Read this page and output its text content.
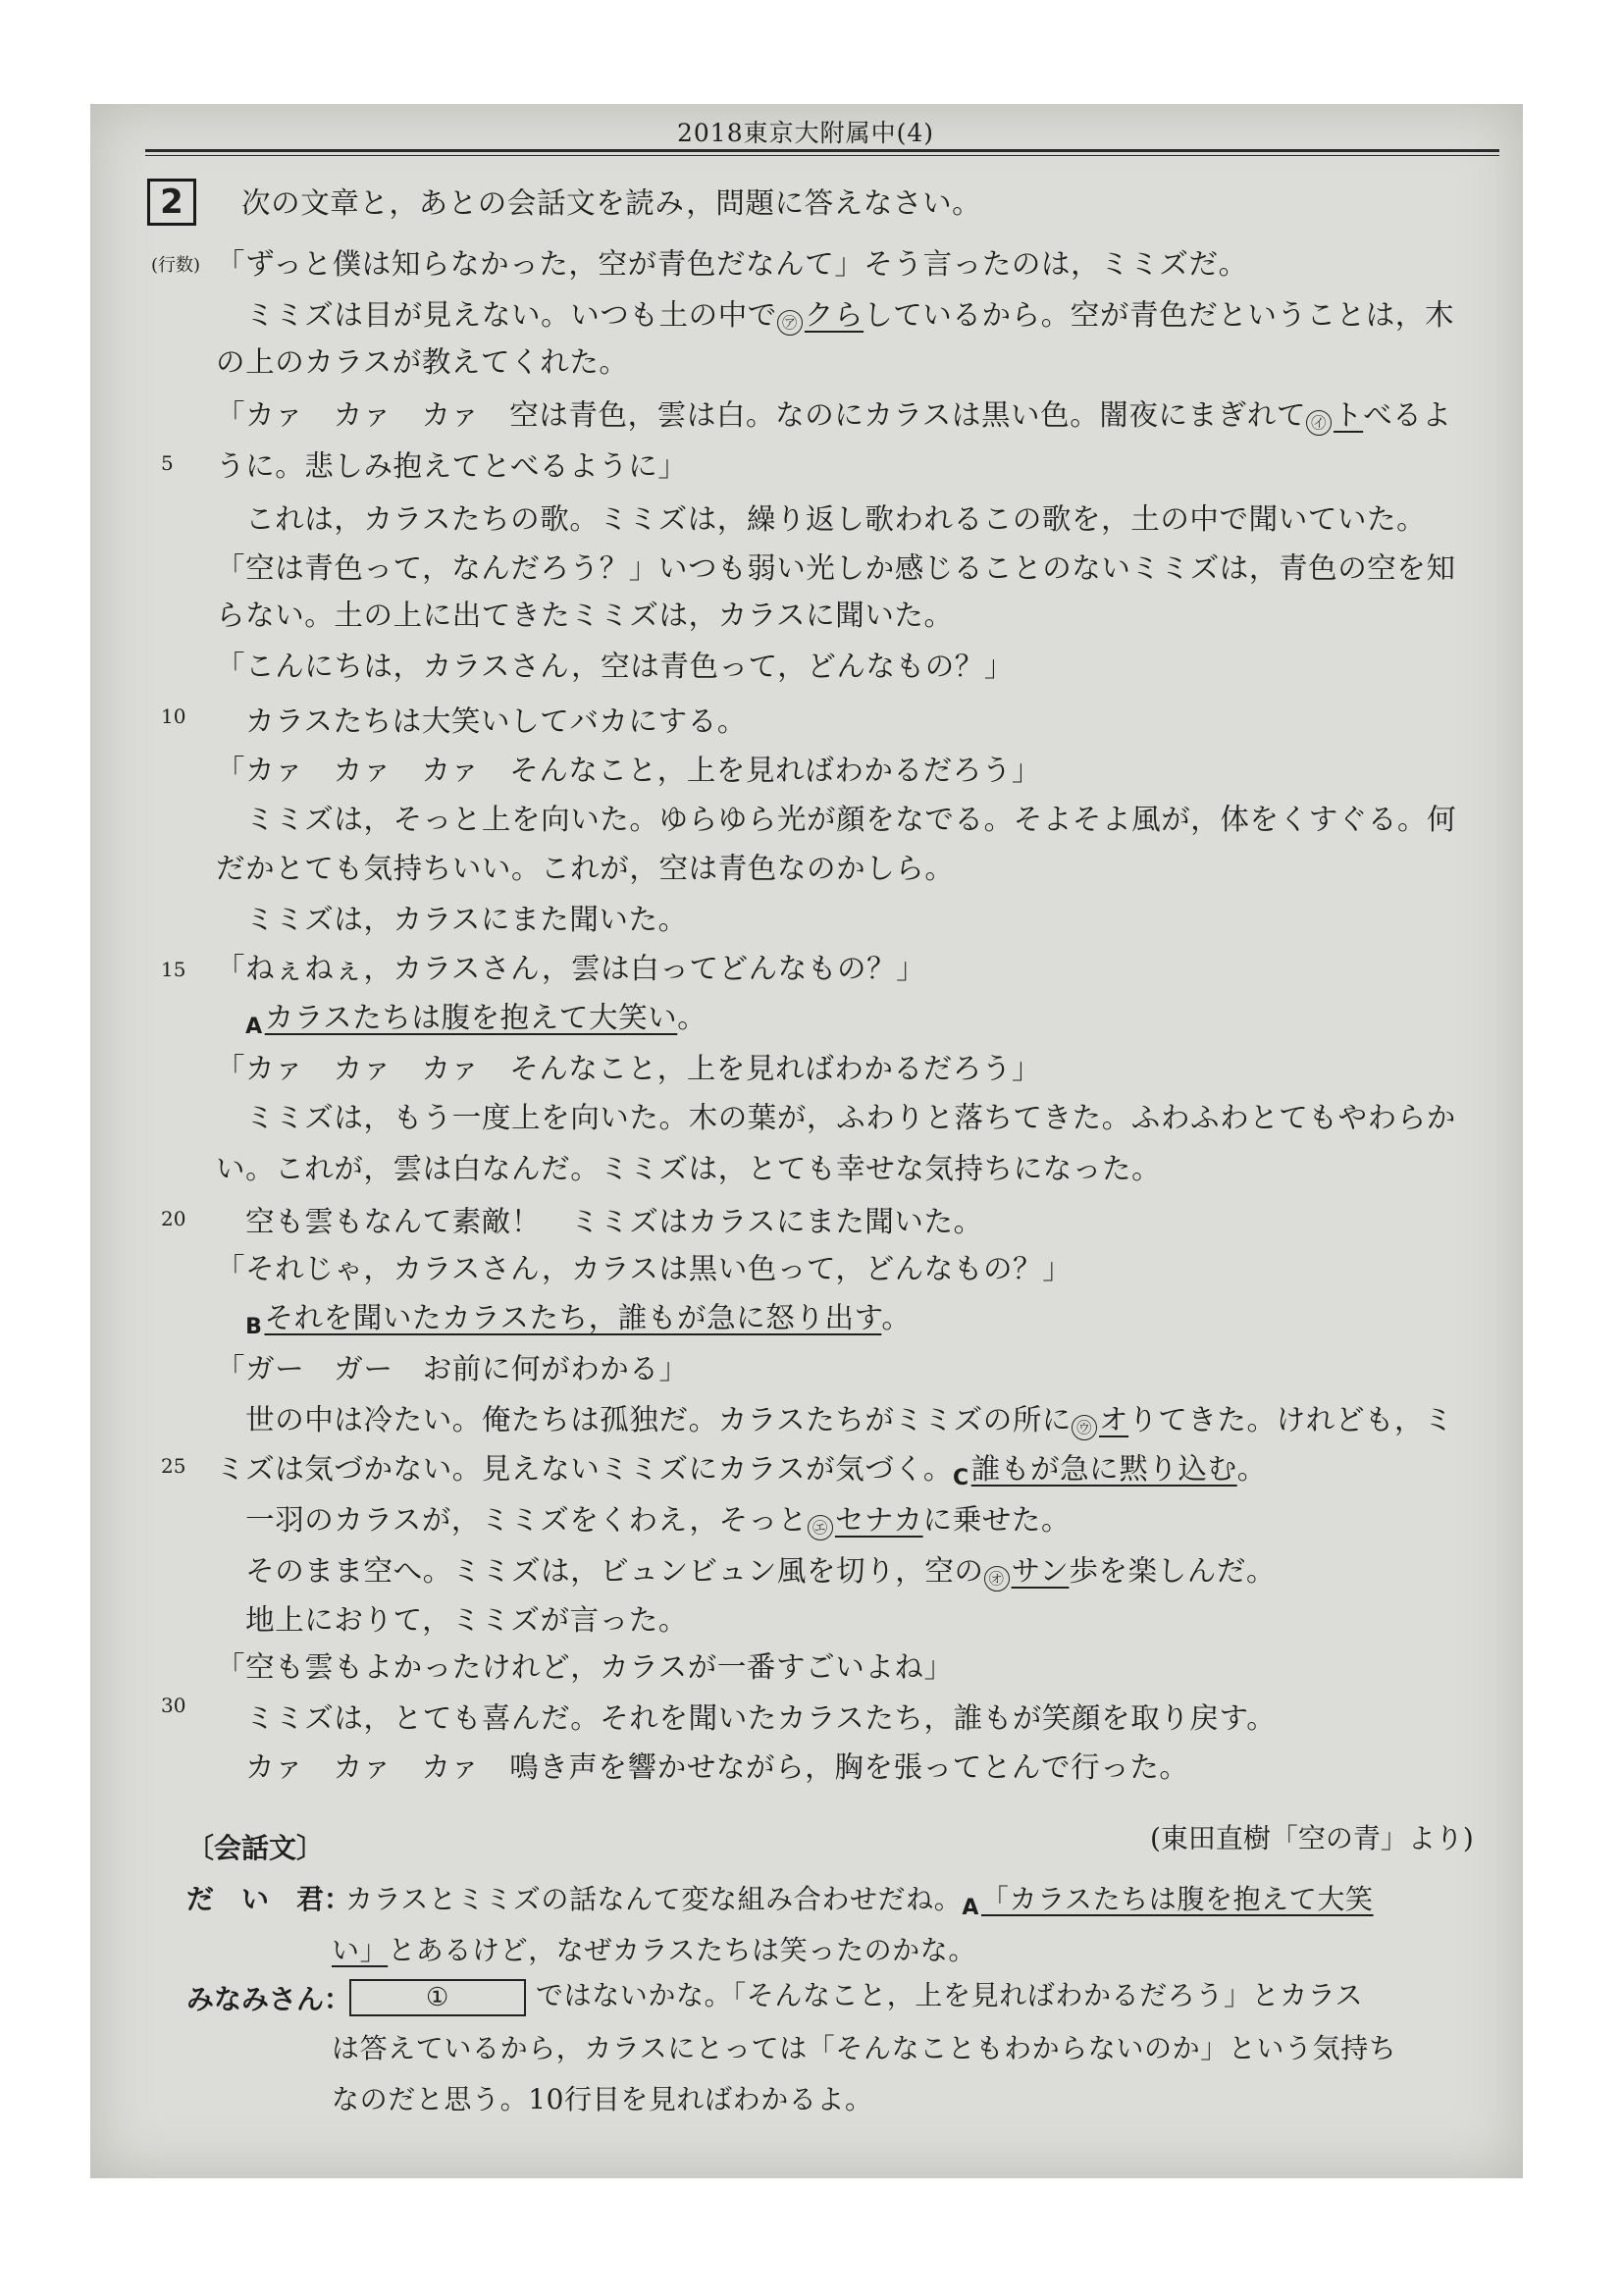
2018東京大附属中(4)
2	次の文章と，あとの会話文を読み，問題に答えなさい。
(行数)
5
10
15
20
25
30
「ずっと僕は知らなかった，空が青色だなんて」そう言ったのは，ミミズだ。
　ミミズは目が見えない。いつも土の中で ㋐ クらしているから。空が青色だということは，木
の上のカラスが教えてくれた。
「カァ　カァ　カァ　空は青色，雲は白。なのにカラスは黒い色。闇夜にまぎれて ㋑ トべるよ
うに。悲しみ抱えてとべるように」
　これは，カラスたちの歌。ミミズは，繰り返し歌われるこの歌を，土の中で聞いていた。
「空は青色って，なんだろう？」いつも弱い光しか感じることのないミミズは，青色の空を知
らない。土の上に出てきたミミズは，カラスに聞いた。
「こんにちは，カラスさん，空は青色って，どんなもの？」
　カラスたちは大笑いしてバカにする。
「カァ　カァ　カァ　そんなこと，上を見ればわかるだろう」
　ミミズは，そっと上を向いた。ゆらゆら光が顔をなでる。そよそよ風が，体をくすぐる。何
だかとても気持ちいい。これが，空は青色なのかしら。
　ミミズは，カラスにまた聞いた。
「ねぇねぇ，カラスさん，雲は白ってどんなもの？」
　$_A$カラスたちは腹を抱えて大笑い。
「カァ　カァ　カァ　そんなこと，上を見ればわかるだろう」
　ミミズは，もう一度上を向いた。木の葉が，ふわりと落ちてきた。ふわふわとてもやわらか
い。これが，雲は白なんだ。ミミズは，とても幸せな気持ちになった。
　空も雲もなんて素敵！　ミミズはカラスにまた聞いた。
「それじゃ，カラスさん，カラスは黒い色って，どんなもの？」
　$_B$それを聞いたカラスたち，誰もが急に怒り出す。
「ガー　ガー　お前に何がわかる」
　世の中は冷たい。俺たちは孤独だ。カラスたちがミミズの所に ㋒ オりてきた。けれども，ミ
ミズは気づかない。見えないミミズにカラスが気づく。$_C$誰もが急に黙り込む。
　一羽のカラスが，ミミズをくわえ，そっと ㋓ セナカに乗せた。
　そのまま空へ。ミミズは，ビュンビュン風を切り，空の ㋔ サン歩を楽しんだ。
　地上におりて，ミミズが言った。
「空も雲もよかったけれど，カラスが一番すごいよね」
　ミミズは，とても喜んだ。それを聞いたカラスたち，誰もが笑顔を取り戻す。
　カァ　カァ　カァ　鳴き声を響かせながら，胸を張ってとんで行った。
(東田直樹「空の青」より)
〔会話文〕
だ　い　君：
カラスとミミズの話なんて変な組み合わせだね。$_A$「カラスたちは腹を抱えて大笑
い」とあるけど，なぜカラスたちは笑ったのかな。
みなみさん：	①	ではないかな。「そんなこと，上を見ればわかるだろう」とカラス
は答えているから，カラスにとっては「そんなこともわからないのか」という気持ち
なのだと思う。10行目を見ればわかるよ。
